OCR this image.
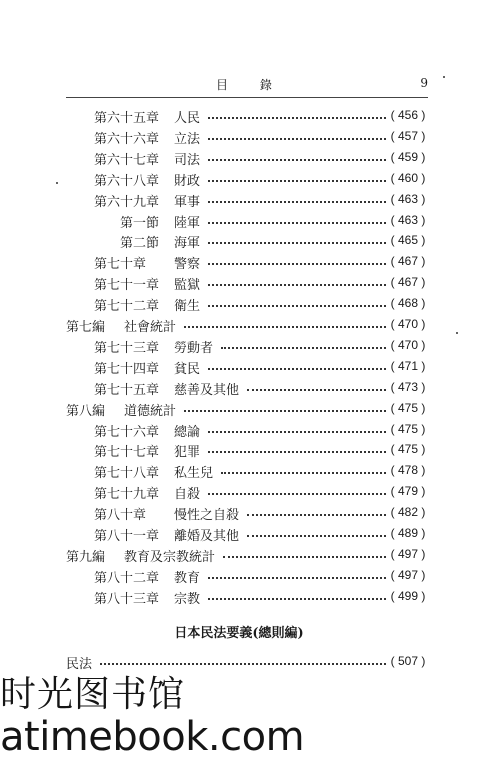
目 錄	9
第六十五章 人民	( 456 )
第六十六章 立法	( 457 )
第六十七章 司法	( 459 )
第六十八章 財政	( 460 )
第六十九章 軍事	( 463 )
第一節 陸軍	( 463 )
第二節 海軍	( 465 )
第七十章 警察	( 467 )
第七十一章 監獄	( 467 )
第七十二章 衛生	( 468 )
第七編 社會統計	( 470 )
第七十三章 勞動者	( 470 )
第七十四章 貧民	( 471 )
第七十五章 慈善及其他	( 473 )
第八編 道德統計	( 475 )
第七十六章 總論	( 475 )
第七十七章 犯罪	( 475 )
第七十八章 私生兒	( 478 )
第七十九章 自殺	( 479 )
第八十章 慢性之自殺	( 482 )
第八十一章 離婚及其他	( 489 )
第九編 教育及宗教統計	( 497 )
第八十二章 教育	( 497 )
第八十三章 宗教	( 499 )
日本民法要義(總則編)
民法	( 507 )
时光图书馆
atimebook.com
